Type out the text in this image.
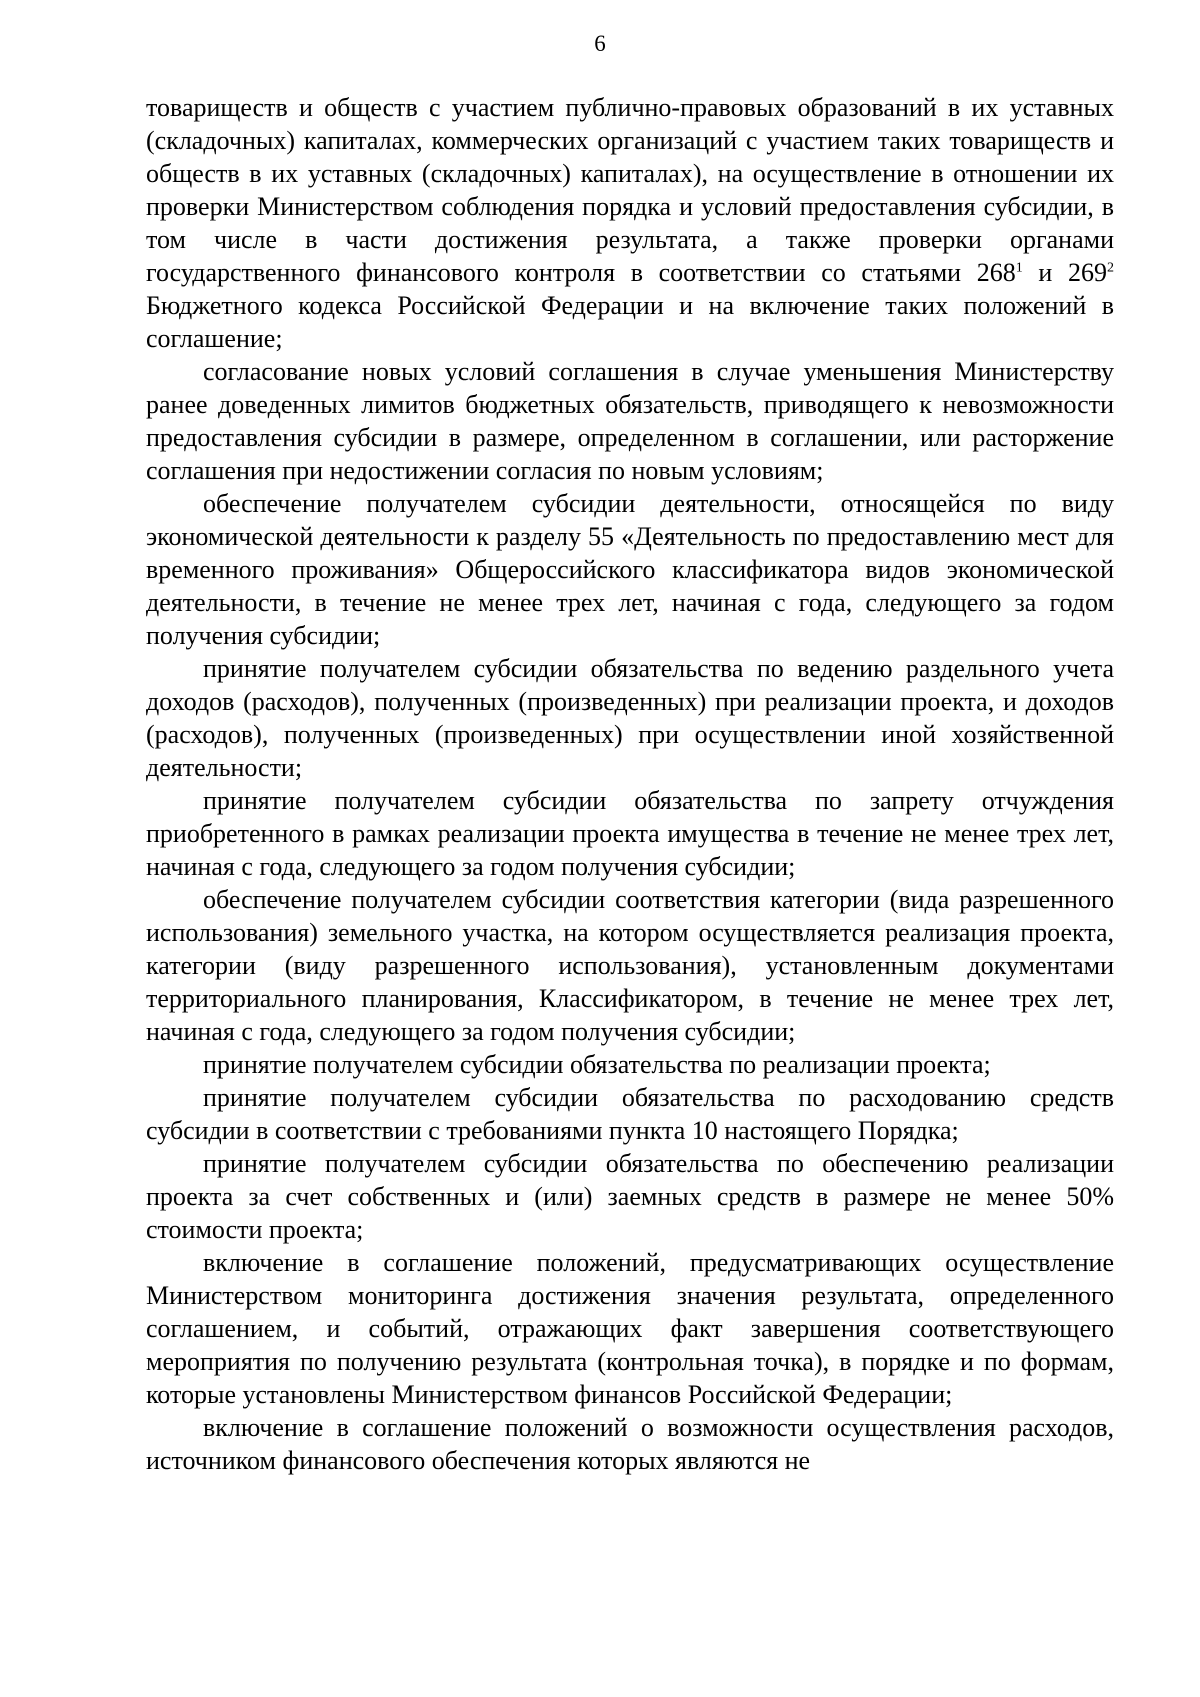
6

товариществ и обществ с участием публично-правовых образований в их уставных (складочных) капиталах, коммерческих организаций с участием таких товариществ и обществ в их уставных (складочных) капиталах), на осуществление в отношении их проверки Министерством соблюдения порядка и условий предоставления субсидии, в том числе в части достижения результата, а также проверки органами государственного финансового контроля в соответствии со статьями $268^1$ и $269^2$ Бюджетного кодекса Российской Федерации и на включение таких положений в соглашение;

согласование новых условий соглашения в случае уменьшения Министерству ранее доведенных лимитов бюджетных обязательств, приводящего к невозможности предоставления субсидии в размере, определенном в соглашении, или расторжение соглашения при недостижении согласия по новым условиям;

обеспечение получателем субсидии деятельности, относящейся по виду экономической деятельности к разделу 55 «Деятельность по предоставлению мест для временного проживания» Общероссийского классификатора видов экономической деятельности, в течение не менее трех лет, начиная с года, следующего за годом получения субсидии;

принятие получателем субсидии обязательства по ведению раздельного учета доходов (расходов), полученных (произведенных) при реализации проекта, и доходов (расходов), полученных (произведенных) при осуществлении иной хозяйственной деятельности;

принятие получателем субсидии обязательства по запрету отчуждения приобретенного в рамках реализации проекта имущества в течение не менее трех лет, начиная с года, следующего за годом получения субсидии;

обеспечение получателем субсидии соответствия категории (вида разрешенного использования) земельного участка, на котором осуществляется реализация проекта, категории (виду разрешенного использования), установленным документами территориального планирования, Классификатором, в течение не менее трех лет, начиная с года, следующего за годом получения субсидии;

принятие получателем субсидии обязательства по реализации проекта;

принятие получателем субсидии обязательства по расходованию средств субсидии в соответствии с требованиями пункта 10 настоящего Порядка;

принятие получателем субсидии обязательства по обеспечению реализации проекта за счет собственных и (или) заемных средств в размере не менее 50% стоимости проекта;

включение в соглашение положений, предусматривающих осуществление Министерством мониторинга достижения значения результата, определенного соглашением, и событий, отражающих факт завершения соответствующего мероприятия по получению результата (контрольная точка), в порядке и по формам, которые установлены Министерством финансов Российской Федерации;

включение в соглашение положений о возможности осуществления расходов, источником финансового обеспечения которых являются не
